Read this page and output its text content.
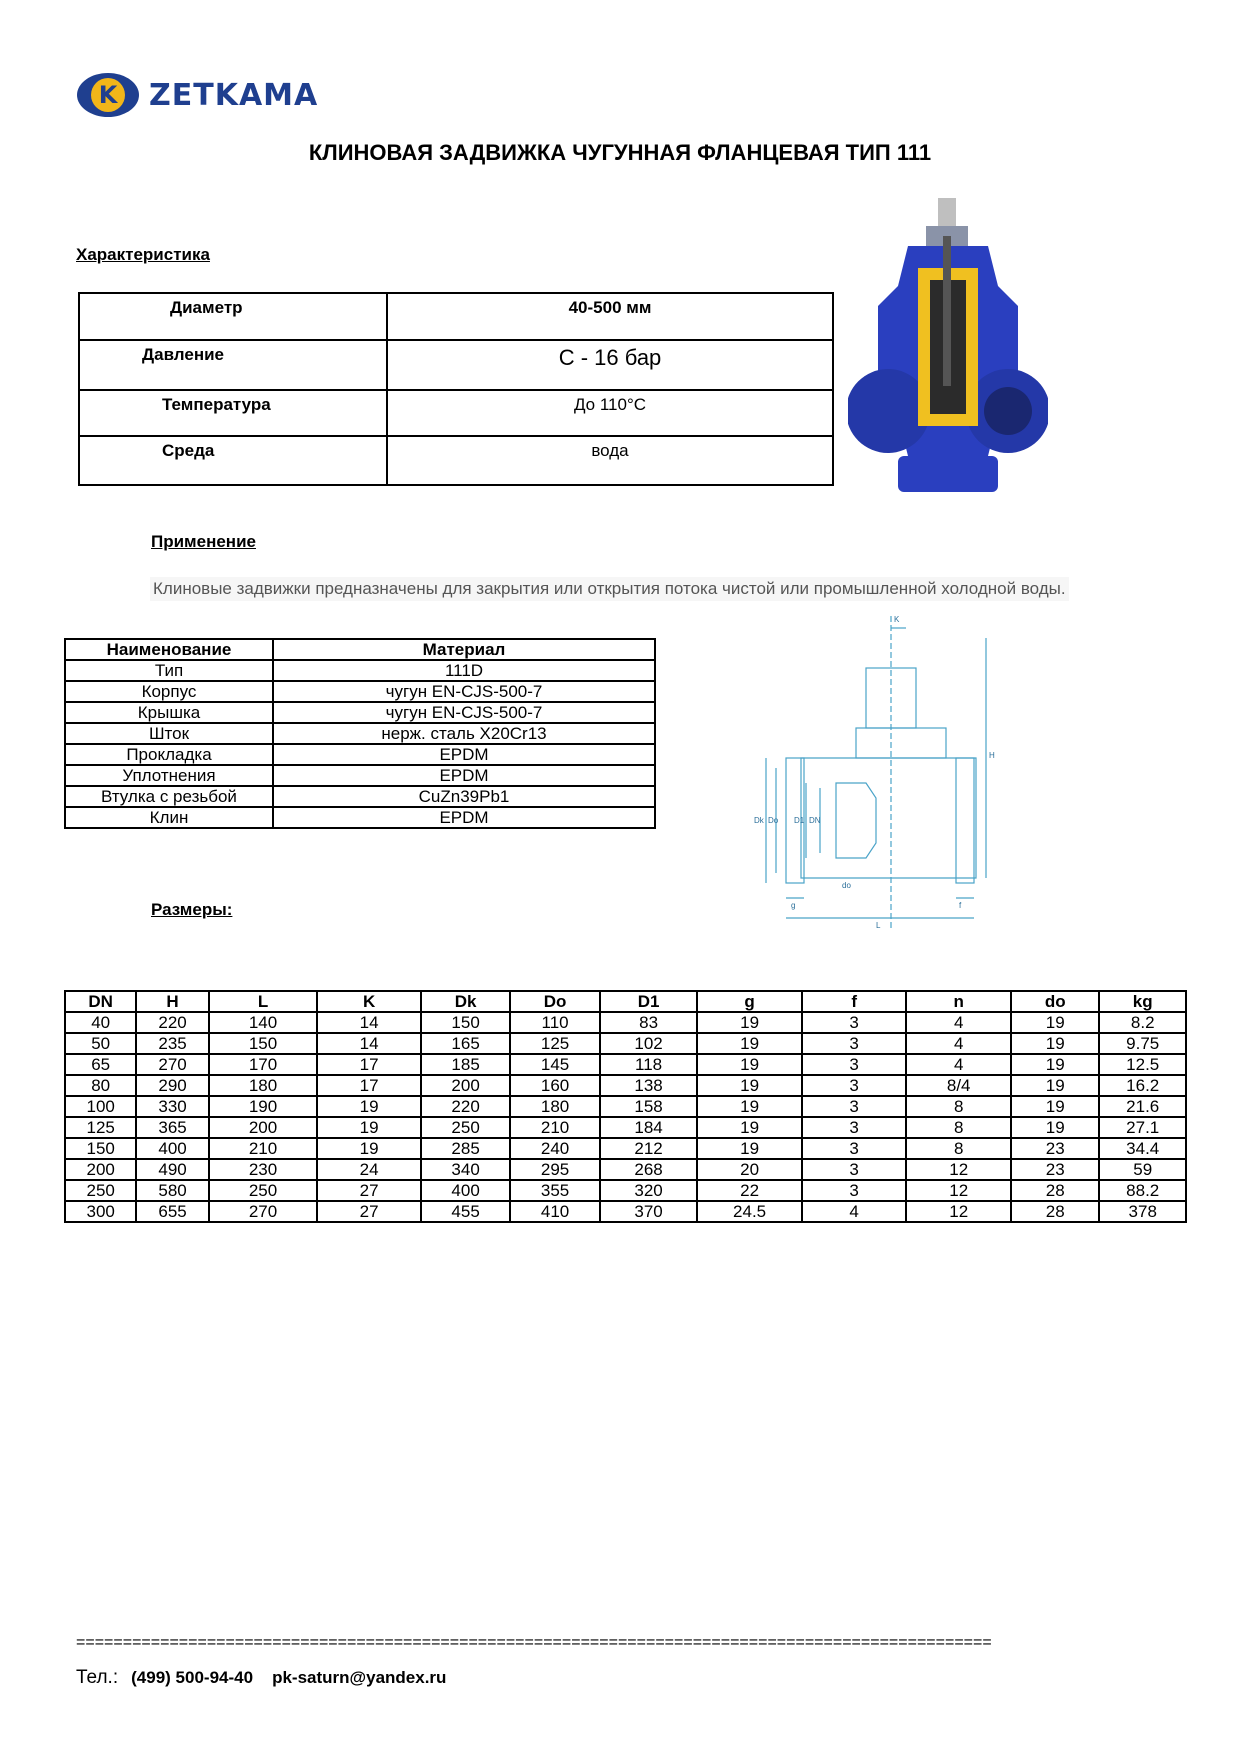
K ZETKAMA
КЛИНОВАЯ ЗАДВИЖКА ЧУГУННАЯ ФЛАНЦЕВАЯ ТИП 111
Характеристика
Диаметр	40-500 мм
Давление	С - 16 бар
Температура	До 110°С
Среда	вода
Применение
Клиновые задвижки предназначены для закрытия или открытия потока чистой или промышленной холодной воды.
Наименование	Материал
Тип	111D
Корпус	чугун EN-CJS-500-7
Крышка	чугун EN-CJS-500-7
Шток	нерж. сталь Х20Сr13
Прокладка	EPDM
Уплотнения	EPDM
Втулка с резьбой	CuZn39Pb1
Клин	EPDM
K
H
Dk Do D1 DN
do
g	f
L
Размеры:
DN	H	L	K	Dk	Do	D1	g	f	n	do	kg
40	220	140	14	150	110	83	19	3	4	19	8.2
50	235	150	14	165	125	102	19	3	4	19	9.75
65	270	170	17	185	145	118	19	3	4	19	12.5
80	290	180	17	200	160	138	19	3	8/4	19	16.2
100	330	190	19	220	180	158	19	3	8	19	21.6
125	365	200	19	250	210	184	19	3	8	19	27.1
150	400	210	19	285	240	212	19	3	8	23	34.4
200	490	230	24	340	295	268	20	3	12	23	59
250	580	250	27	400	355	320	22	3	12	28	88.2
300	655	270	27	455	410	370	24.5	4	12	28	378
==================================================================================================
Тел.: (499) 500-94-40 pk-saturn@yandex.ru
